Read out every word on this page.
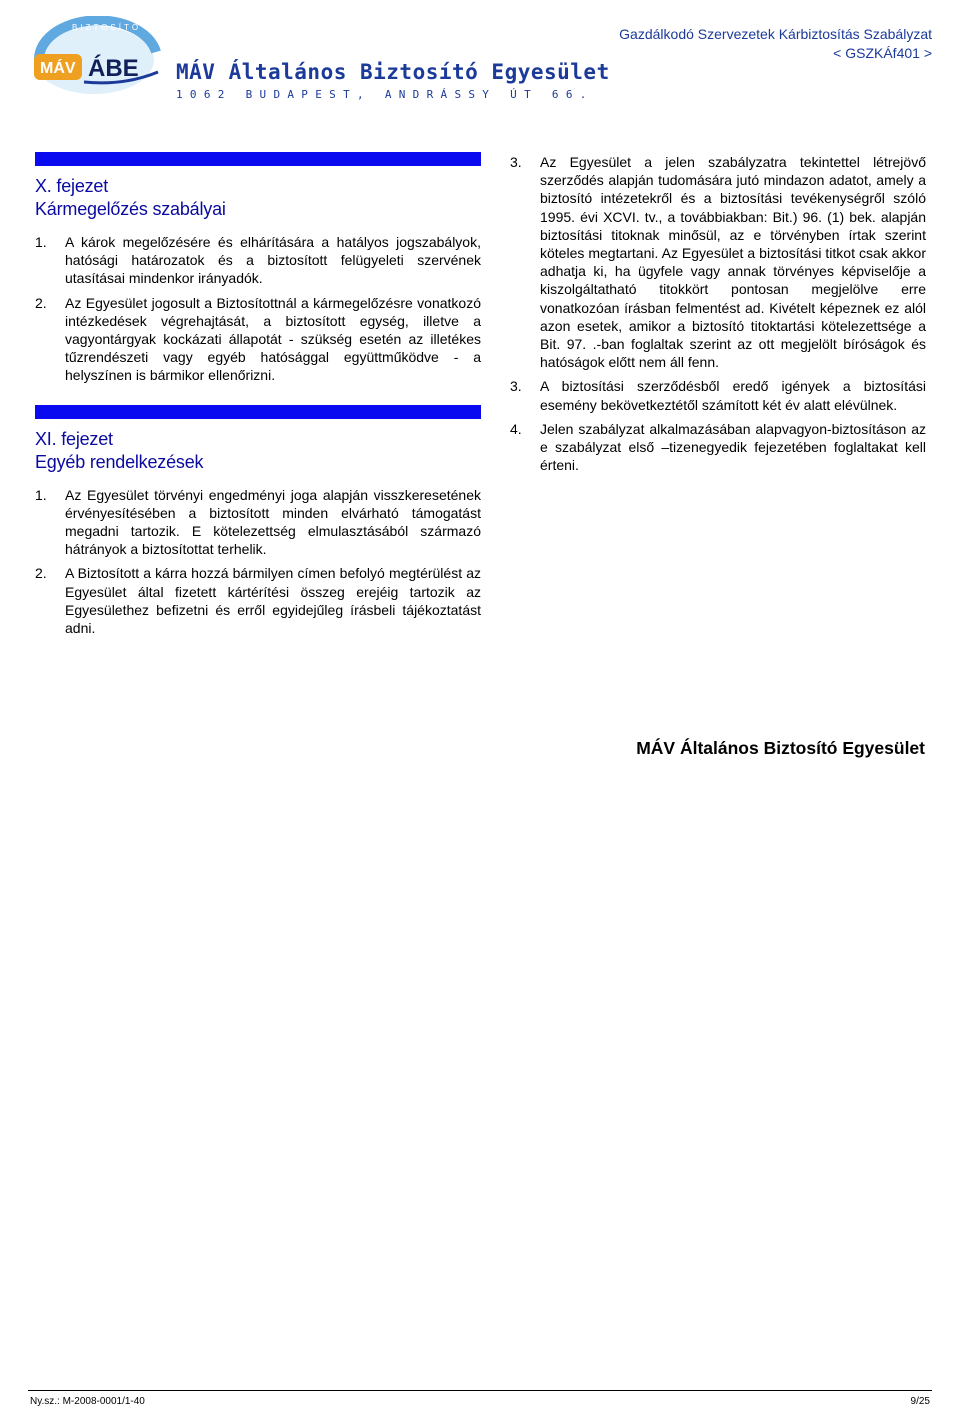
BIZTOSÍTÓ
MÁV ÁBE MÁV Általános Biztosító Egyesület
1062 BUDAPEST, ANDRÁSSY ÚT 66.
Gazdálkodó Szervezetek Kárbiztosítás Szabályzat
< GSZKÁf401 >
X. fejezet
Kármegelőzés szabályai
1. A károk megelőzésére és elhárítására a hatályos jogszabályok, hatósági határozatok és a biztosított felügyeleti szervének utasításai mindenkor irányadók.
2. Az Egyesület jogosult a Biztosítottnál a kármegelőzésre vonatkozó intézkedések végrehajtását, a biztosított egység, illetve a vagyontárgyak kockázati állapotát - szükség esetén az illetékes tűzrendészeti vagy egyéb hatósággal együttműködve - a helyszínen is bármikor ellenőrizni.
XI. fejezet
Egyéb rendelkezések
1. Az Egyesület törvényi engedményi joga alapján visszkeresetének érvényesítésében a biztosított minden elvárható támogatást megadni tartozik. E kötelezettség elmulasztásából származó hátrányok a biztosítottat terhelik.
2. A Biztosított a kárra hozzá bármilyen címen befolyó megtérülést az Egyesület által fizetett kártérítési összeg erejéig tartozik az Egyesülethez befizetni és erről egyidejűleg írásbeli tájékoztatást adni.
3. Az Egyesület a jelen szabályzatra tekintettel létrejövő szerződés alapján tudomására jutó mindazon adatot, amely a biztosító intézetekről és a biztosítási tevékenységről szóló 1995. évi XCVI. tv., a továbbiakban: Bit.) 96. (1) bek. alapján biztosítási titoknak minősül, az e törvényben írtak szerint köteles megtartani. Az Egyesület a biztosítási titkot csak akkor adhatja ki, ha ügyfele vagy annak törvényes képviselője a kiszolgáltatható titokkört pontosan megjelölve erre vonatkozóan írásban felmentést ad. Kivételt képeznek ez alól azon esetek, amikor a biztosító titoktartási kötelezettsége a Bit. 97. .-ban foglaltak szerint az ott megjelölt bíróságok és hatóságok előtt nem áll fenn.
3. A biztosítási szerződésből eredő igények a biztosítási esemény bekövetkeztétől számított két év alatt elévülnek.
4. Jelen szabályzat alkalmazásában alapvagyon-biztosításon az e szabályzat első –tizenegyedik fejezetében foglaltakat kell érteni.
MÁV Általános Biztosító Egyesület
Ny.sz.: M-2008-0001/1-40	9/25
